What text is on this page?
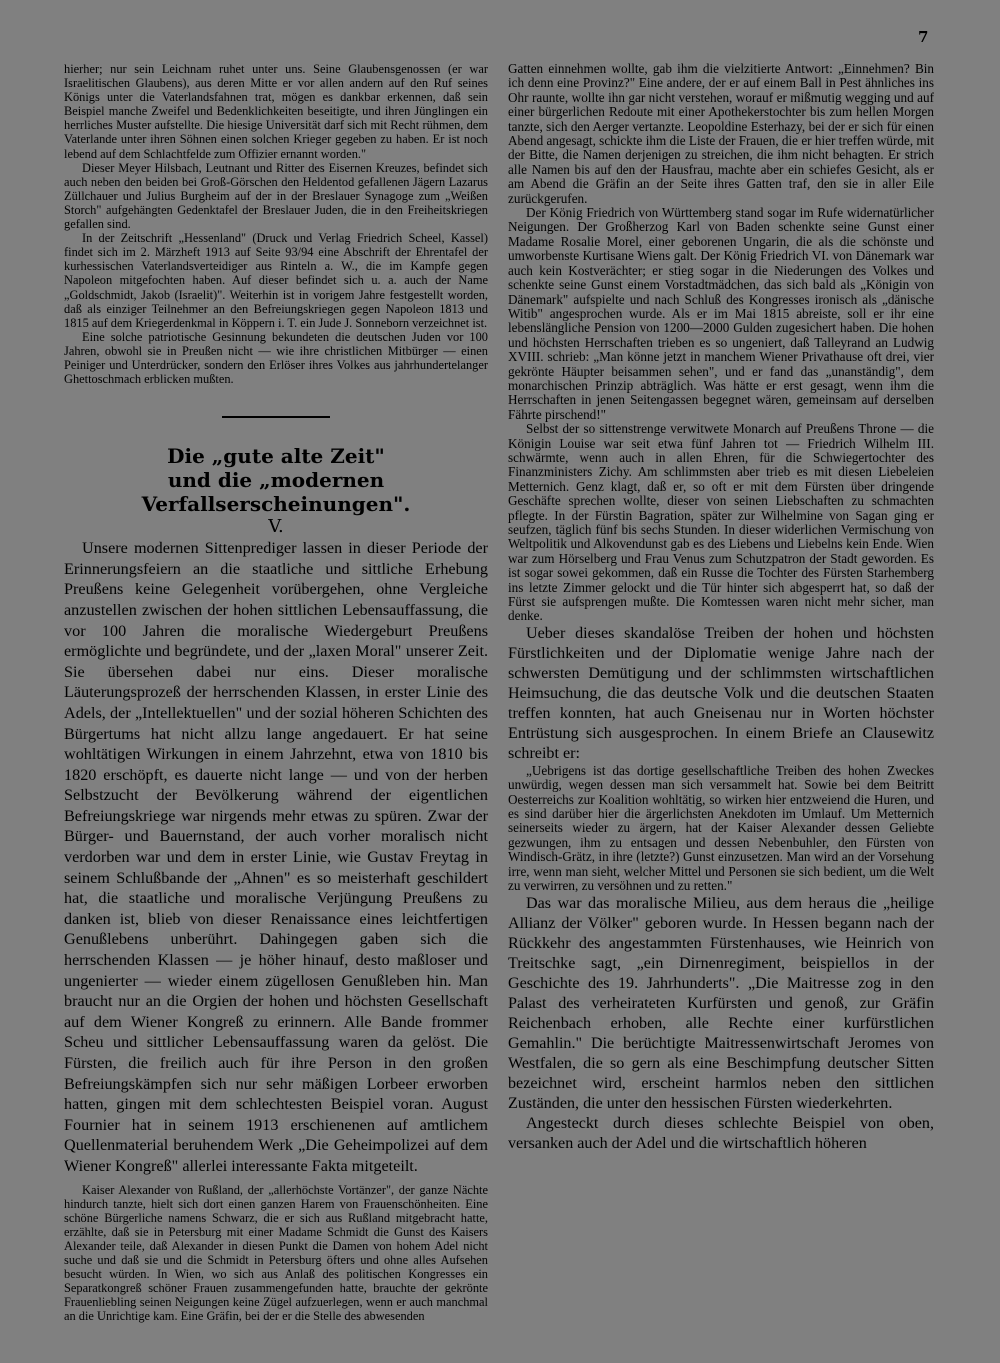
7

hierher; nur sein Leichnam ruhet unter uns. Seine Glaubensgenossen (er war Israelitischen Glaubens), aus deren Mitte er vor allen andern auf den Ruf seines Königs unter die Vaterlandsfahnen trat, mögen es dankbar erkennen, daß sein Beispiel manche Zweifel und Bedenklichkeiten beseitigte, und ihren Jünglingen ein herrliches Muster aufstellte. Die hiesige Universität darf sich mit Recht rühmen, dem Vaterlande unter ihren Söhnen einen solchen Krieger gegeben zu haben. Er ist noch lebend auf dem Schlachtfelde zum Offizier ernannt worden."

Dieser Meyer Hilsbach, Leutnant und Ritter des Eisernen Kreuzes, befindet sich auch neben den beiden bei Groß-Görschen den Heldentod gefallenen Jägern Lazarus Züllchauer und Julius Burgheim auf der in der Breslauer Synagoge zum „Weißen Storch" aufgehängten Gedenktafel der Breslauer Juden, die in den Freiheitskriegen gefallen sind.

In der Zeitschrift „Hessenland" (Druck und Verlag Friedrich Scheel, Kassel) findet sich im 2. Märzheft 1913 auf Seite 93/94 eine Abschrift der Ehrentafel der kurhessischen Vaterlandsverteidiger aus Rinteln a. W., die im Kampfe gegen Napoleon mitgefochten haben. Auf dieser befindet sich u. a. auch der Name „Goldschmidt, Jakob (Israelit)". Weiterhin ist in vorigem Jahre festgestellt worden, daß als einziger Teilnehmer an den Befreiungskriegen gegen Napoleon 1813 und 1815 auf dem Kriegerdenkmal in Köppern i. T. ein Jude J. Sonneborn verzeichnet ist.

Eine solche patriotische Gesinnung bekundeten die deutschen Juden vor 100 Jahren, obwohl sie in Preußen nicht — wie ihre christlichen Mitbürger — einen Peiniger und Unterdrücker, sondern den Erlöser ihres Volkes aus jahrhundertelanger Ghettoschmach erblicken mußten.

Die „gute alte Zeit"
und die „modernen Verfallserscheinungen".
V.

Unsere modernen Sittenprediger lassen in dieser Periode der Erinnerungsfeiern an die staatliche und sittliche Erhebung Preußens keine Gelegenheit vorübergehen, ohne Vergleiche anzustellen zwischen der hohen sittlichen Lebensauffassung, die vor 100 Jahren die moralische Wiedergeburt Preußens ermöglichte und begründete, und der „laxen Moral" unserer Zeit. Sie übersehen dabei nur eins. Dieser moralische Läuterungsprozeß der herrschenden Klassen, in erster Linie des Adels, der „Intellektuellen" und der sozial höheren Schichten des Bürgertums hat nicht allzu lange angedauert. Er hat seine wohltätigen Wirkungen in einem Jahrzehnt, etwa von 1810 bis 1820 erschöpft, es dauerte nicht lange — und von der herben Selbstzucht der Bevölkerung während der eigentlichen Befreiungskriege war nirgends mehr etwas zu spüren. Zwar der Bürger- und Bauernstand, der auch vorher moralisch nicht verdorben war und dem in erster Linie, wie Gustav Freytag in seinem Schlußbande der „Ahnen" es so meisterhaft geschildert hat, die staatliche und moralische Verjüngung Preußens zu danken ist, blieb von dieser Renaissance eines leichtfertigen Genußlebens unberührt. Dahingegen gaben sich die herrschenden Klassen — je höher hinauf, desto maßloser und ungenierter — wieder einem zügellosen Genußleben hin. Man braucht nur an die Orgien der hohen und höchsten Gesellschaft auf dem Wiener Kongreß zu erinnern. Alle Bande frommer Scheu und sittlicher Lebensauffassung waren da gelöst. Die Fürsten, die freilich auch für ihre Person in den großen Befreiungskämpfen sich nur sehr mäßigen Lorbeer erworben hatten, gingen mit dem schlechtesten Beispiel voran. August Fournier hat in seinem 1913 erschienenen auf amtlichem Quellenmaterial beruhendem Werk „Die Geheimpolizei auf dem Wiener Kongreß" allerlei interessante Fakta mitgeteilt.

Kaiser Alexander von Rußland, der „allerhöchste Vortänzer", der ganze Nächte hindurch tanzte, hielt sich dort einen ganzen Harem von Frauenschönheiten. Eine schöne Bürgerliche namens Schwarz, die er sich aus Rußland mitgebracht hatte, erzählte, daß sie in Petersburg mit einer Madame Schmidt die Gunst des Kaisers Alexander teile, daß Alexander in diesen Punkt die Damen von hohem Adel nicht suche und daß sie und die Schmidt in Petersburg öfters und ohne alles Aufsehen besucht würden. In Wien, wo sich aus Anlaß des politischen Kongresses ein Separatkongreß schöner Frauen zusammengefunden hatte, brauchte der gekrönte Frauenliebling seinen Neigungen keine Zügel aufzuerlegen, wenn er auch manchmal an die Unrichtige kam. Eine Gräfin, bei der er die Stelle des abwesenden

Gatten einnehmen wollte, gab ihm die vielzitierte Antwort: „Einnehmen? Bin ich denn eine Provinz?" Eine andere, der er auf einem Ball in Pest ähnliches ins Ohr raunte, wollte ihn gar nicht verstehen, worauf er mißmutig wegging und auf einer bürgerlichen Redoute mit einer Apothekerstochter bis zum hellen Morgen tanzte, sich den Aerger vertanzte. Leopoldine Esterhazy, bei der er sich für einen Abend angesagt, schickte ihm die Liste der Frauen, die er hier treffen würde, mit der Bitte, die Namen derjenigen zu streichen, die ihm nicht behagten. Er strich alle Namen bis auf den der Hausfrau, machte aber ein schiefes Gesicht, als er am Abend die Gräfin an der Seite ihres Gatten traf, den sie in aller Eile zurückgerufen.

Der König Friedrich von Württemberg stand sogar im Rufe widernatürlicher Neigungen. Der Großherzog Karl von Baden schenkte seine Gunst einer Madame Rosalie Morel, einer geborenen Ungarin, die als die schönste und umworbenste Kurtisane Wiens galt. Der König Friedrich VI. von Dänemark war auch kein Kostverächter; er stieg sogar in die Niederungen des Volkes und schenkte seine Gunst einem Vorstadtmädchen, das sich bald als „Königin von Dänemark" aufspielte und nach Schluß des Kongresses ironisch als „dänische Witib" angesprochen wurde. Als er im Mai 1815 abreiste, soll er ihr eine lebenslängliche Pension von 1200—2000 Gulden zugesichert haben. Die hohen und höchsten Herrschaften trieben es so ungeniert, daß Talleyrand an Ludwig XVIII. schrieb: „Man könne jetzt in manchem Wiener Privathause oft drei, vier gekrönte Häupter beisammen sehen", und er fand das „unanständig", dem monarchischen Prinzip abträglich. Was hätte er erst gesagt, wenn ihm die Herrschaften in jenen Seitengassen begegnet wären, gemeinsam auf derselben Fährte pirschend!"

Selbst der so sittenstrenge verwitwete Monarch auf Preußens Throne — die Königin Louise war seit etwa fünf Jahren tot — Friedrich Wilhelm III. schwärmte, wenn auch in allen Ehren, für die Schwiegertochter des Finanzministers Zichy. Am schlimmsten aber trieb es mit diesen Liebeleien Metternich. Genz klagt, daß er, so oft er mit dem Fürsten über dringende Geschäfte sprechen wollte, dieser von seinen Liebschaften zu schmachten pflegte. In der Fürstin Bagration, später zur Wilhelmine von Sagan ging er seufzen, täglich fünf bis sechs Stunden. In dieser widerlichen Vermischung von Weltpolitik und Alkovendunst gab es des Liebens und Liebelns kein Ende. Wien war zum Hörselberg und Frau Venus zum Schutzpatron der Stadt geworden. Es ist sogar sowei gekommen, daß ein Russe die Tochter des Fürsten Starhemberg ins letzte Zimmer gelockt und die Tür hinter sich abgesperrt hat, so daß der Fürst sie aufsprengen mußte. Die Komtessen waren nicht mehr sicher, man denke.

Ueber dieses skandalöse Treiben der hohen und höchsten Fürstlichkeiten und der Diplomatie wenige Jahre nach der schwersten Demütigung und der schlimmsten wirtschaftlichen Heimsuchung, die das deutsche Volk und die deutschen Staaten treffen konnten, hat auch Gneisenau nur in Worten höchster Entrüstung sich ausgesprochen. In einem Briefe an Clausewitz schreibt er:

„Uebrigens ist das dortige gesellschaftliche Treiben des hohen Zweckes unwürdig, wegen dessen man sich versammelt hat. Sowie bei dem Beitritt Oesterreichs zur Koalition wohltätig, so wirken hier entzweiend die Huren, und es sind darüber hier die ärgerlichsten Anekdoten im Umlauf. Um Metternich seinerseits wieder zu ärgern, hat der Kaiser Alexander dessen Geliebte gezwungen, ihm zu entsagen und dessen Nebenbuhler, den Fürsten von Windisch-Grätz, in ihre (letzte?) Gunst einzusetzen. Man wird an der Vorsehung irre, wenn man sieht, welcher Mittel und Personen sie sich bedient, um die Welt zu verwirren, zu versöhnen und zu retten."

Das war das moralische Milieu, aus dem heraus die „heilige Allianz der Völker" geboren wurde. In Hessen begann nach der Rückkehr des angestammten Fürstenhauses, wie Heinrich von Treitschke sagt, „ein Dirnenregiment, beispiellos in der Geschichte des 19. Jahrhunderts". „Die Maitresse zog in den Palast des verheirateten Kurfürsten und genoß, zur Gräfin Reichenbach erhoben, alle Rechte einer kurfürstlichen Gemahlin." Die berüchtigte Maitressenwirtschaft Jeromes von Westfalen, die so gern als eine Beschimpfung deutscher Sitten bezeichnet wird, erscheint harmlos neben den sittlichen Zuständen, die unter den hessischen Fürsten wiederkehrten.

Angesteckt durch dieses schlechte Beispiel von oben, versanken auch der Adel und die wirtschaftlich höheren
